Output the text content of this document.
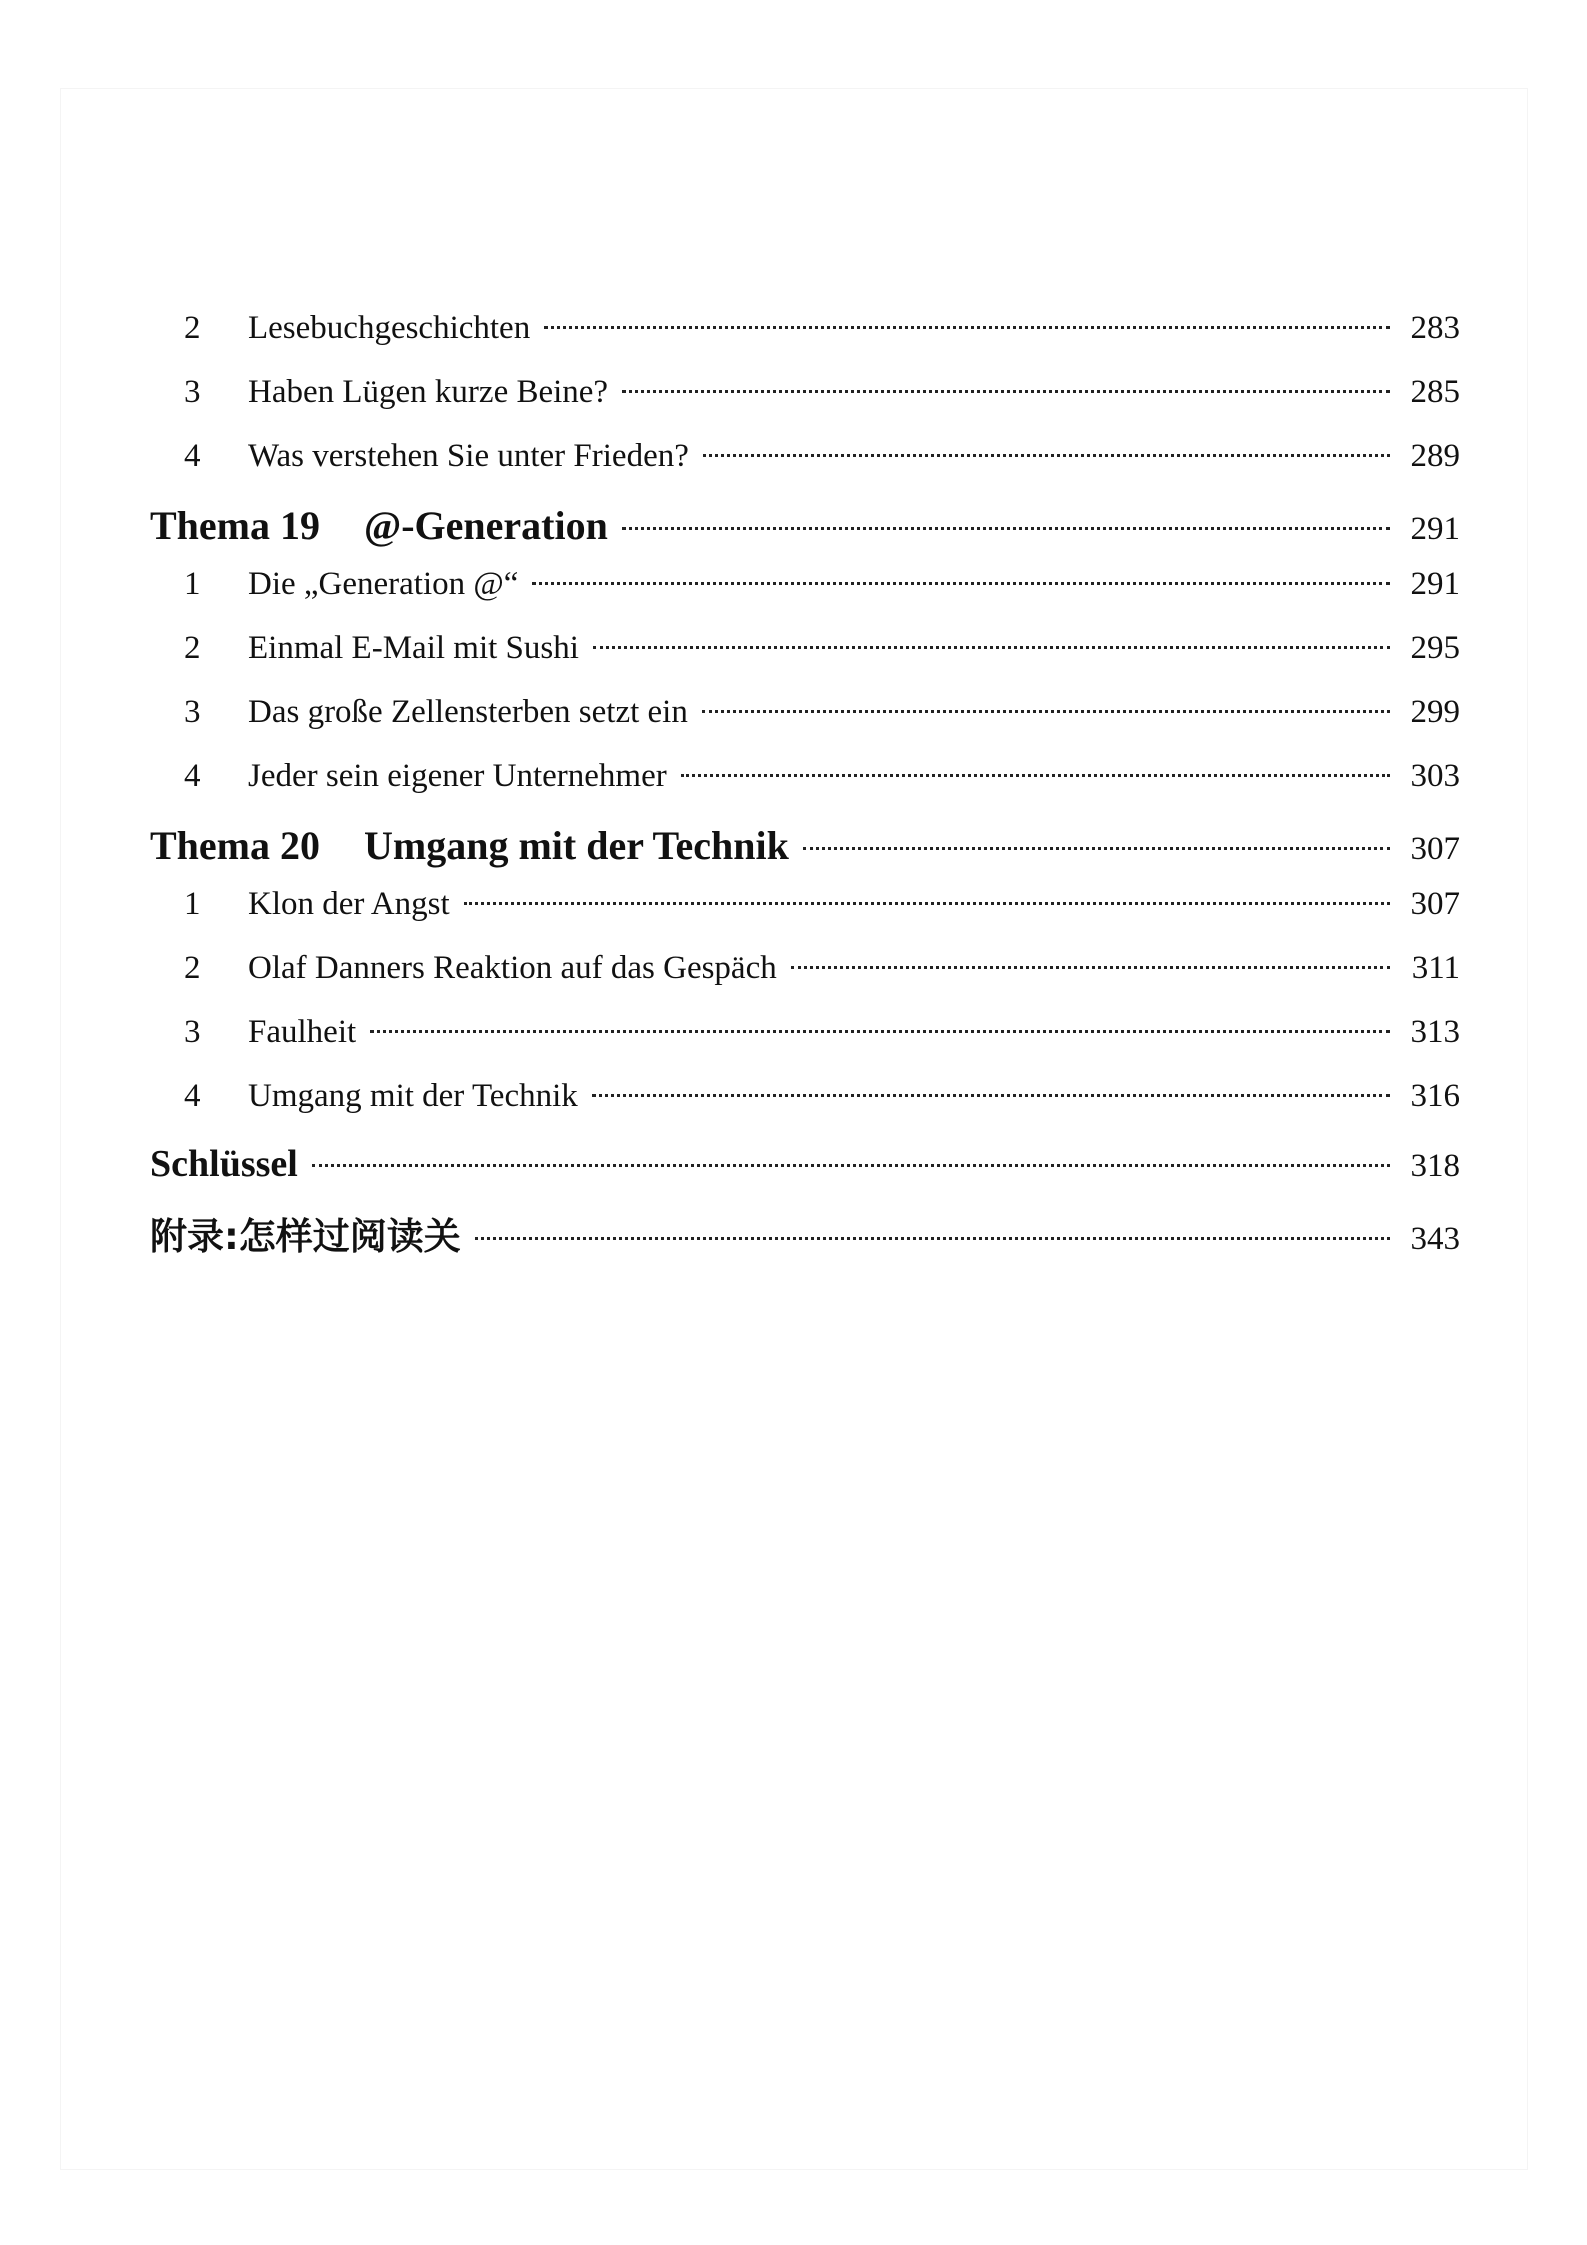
2	Lesebuchgeschichten	283
3	Haben Lügen kurze Beine?	285
4	Was verstehen Sie unter Frieden?	289
Thema 19 @-Generation	291
1	Die „Generation @“	291
2	Einmal E-Mail mit Sushi	295
3	Das große Zellensterben setzt ein	299
4	Jeder sein eigener Unternehmer	303
Thema 20 Umgang mit der Technik	307
1	Klon der Angst	307
2	Olaf Danners Reaktion auf das Gespäch	311
3	Faulheit	313
4	Umgang mit der Technik	316
Schlüssel	318
附录:怎样过阅读关	343
